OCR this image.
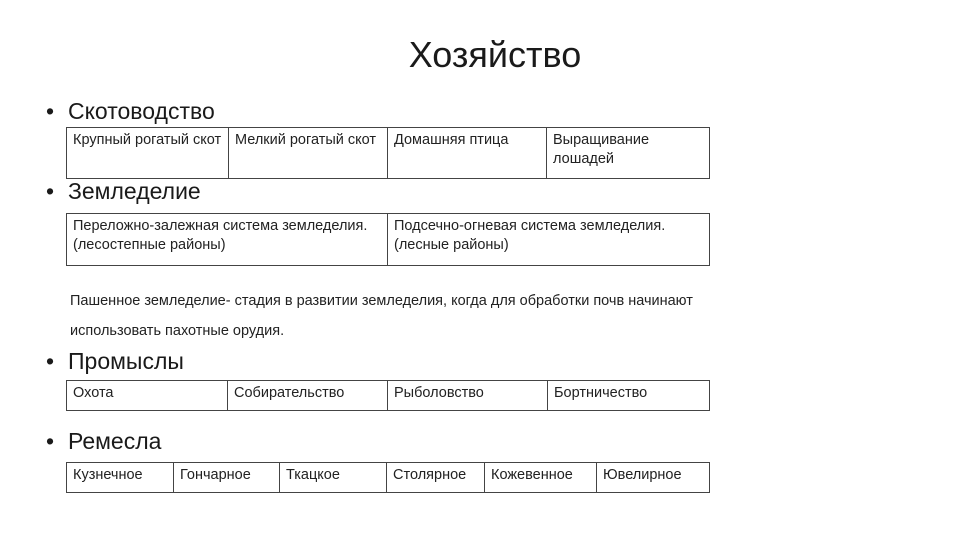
Хозяйство
• Скотоводство
Крупный рогатый скот	Мелкий рогатый скот	Домашняя птица	Выращивание лошадей
• Земледелие
Переложно-залежная система земледелия. (лесостепные районы)	Подсечно-огневая система земледелия. (лесные районы)
Пашенное земледелие- стадия в развитии земледелия, когда для обработки почв начинают использовать пахотные орудия.
• Промыслы
Охота	Собирательство	Рыболовство	Бортничество
• Ремесла
Кузнечное	Гончарное	Ткацкое	Столярное	Кожевенное	Ювелирное
